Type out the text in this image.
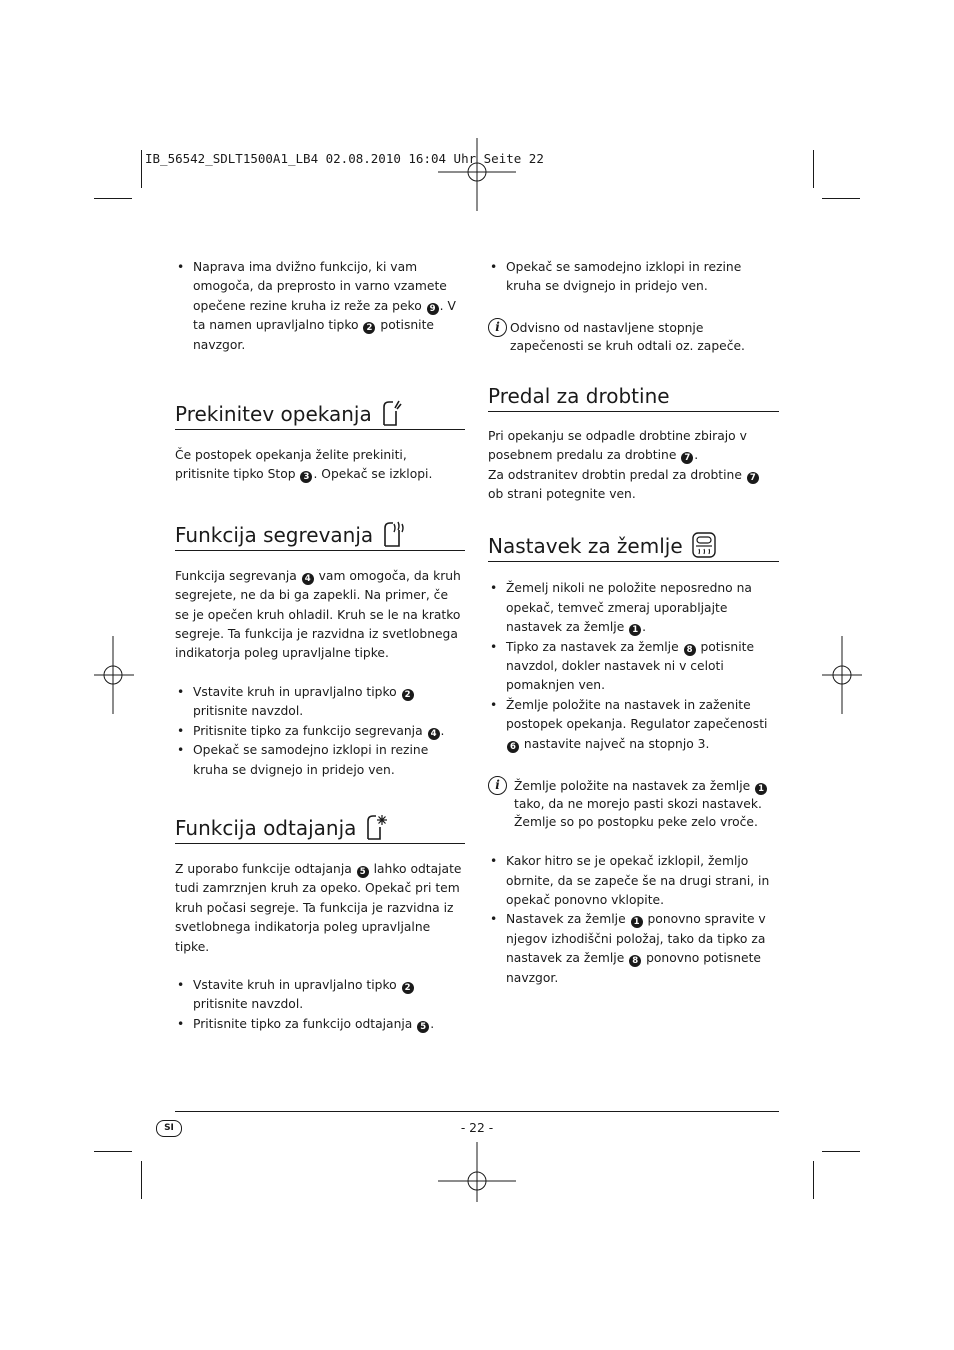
IB_56542_SDLT1500A1_LB4 02.08.2010 16:04 Uhr Seite 22
• Naprava ima dvižno funkcijo, ki vam omogoča, da preprosto in varno vzamete opečene rezine kruha iz reže za peko 9 . V ta namen upravljalno tipko 2 potisnite navzgor.
Prekinitev opekanja

Če postopek opekanja želite prekiniti, pritisnite tipko Stop 3 . Opekač se izklopi.

Funkcija segrevanja

Funkcija segrevanja 4 vam omogoča, da kruh segrejete, ne da bi ga zapekli. Na primer, če se je opečen kruh ohladil. Kruh se le na kratko segreje. Ta funkcija je razvidna iz svetlobnega indikatorja poleg upravljalne tipke.

• Vstavite kruh in upravljalno tipko 2 pritisnite navzdol.
• Pritisnite tipko za funkcijo segrevanja 4 .
• Opekač se samodejno izklopi in rezine kruha se dvignejo in pridejo ven.
Funkcija odtajanja

Z uporabo funkcije odtajanja 5 lahko odtajate tudi zamrznjen kruh za opeko. Opekač pri tem kruh počasi segreje. Ta funkcija je razvidna iz svetlobnega indikatorja poleg upravljalne tipke.

• Vstavite kruh in upravljalno tipko 2 pritisnite navzdol.
• Pritisnite tipko za funkcijo odtajanja 5 .
• Opekač se samodejno izklopi in rezine kruha se dvignejo in pridejo ven.
i Odvisno od nastavljene stopnje zapečenosti se kruh odtali oz. zapeče.
Predal za drobtine

Pri opekanju se odpadle drobtine zbirajo v posebnem predalu za drobtine 7 .

Za odstranitev drobtin predal za drobtine 7 ob strani potegnite ven.

Nastavek za žemlje
• Žemelj nikoli ne položite neposredno na opekač, temveč zmeraj uporabljajte nastavek za žemlje 1 .
• Tipko za nastavek za žemlje 8 potisnite navzdol, dokler nastavek ni v celoti pomaknjen ven.
• Žemlje položite na nastavek in zaženite postopek opekanja. Regulator zapečenosti 6 nastavite največ na stopnjo 3.
i	Žemlje položite na nastavek za žemlje 1 tako, da ne morejo pasti skozi nastavek. Žemlje so po postopku peke zelo vroče.
• Kakor hitro se je opekač izklopil, žemljo obrnite, da se zapeče še na drugi strani, in opekač ponovno vklopite.
• Nastavek za žemlje 1 ponovno spravite v njegov izhodiščni položaj, tako da tipko za nastavek za žemlje 8 ponovno potisnete navzgor.
SI	- 22 -
